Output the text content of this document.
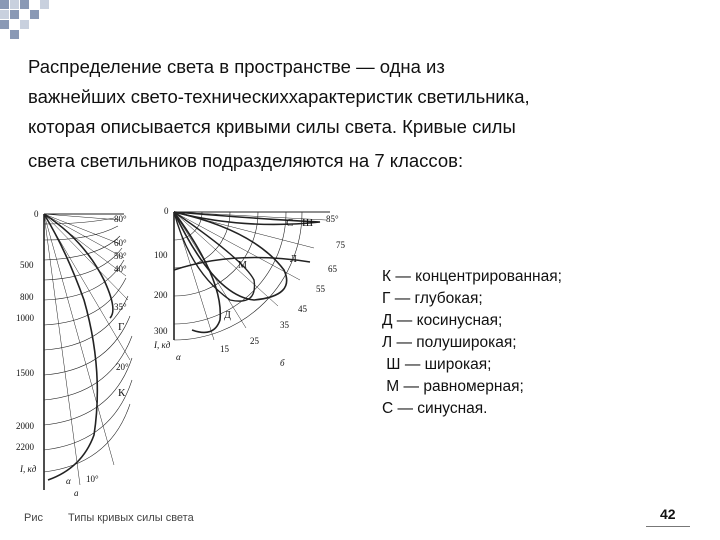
Распределение света в пространстве — одна из
важнейших свето-техническиххарактеристик светильника,
которая описывается кривыми силы света. Кривые силы
света светильников подразделяются на 7 классов:

0
500
800
1000
1500
2000
2200
80°
60°
50°
40°
35°
20°
10°
Г
К
I, кд
α
а
0
100
200
300
85°
75
65
55
45
35
25
15
С Ш
М
Л
Д
I, кд
α
б
К — концентрированная;
Г — глубокая;
Д — косинусная;
Л — полуширокая;
Ш — широкая;
М — равномерная;
С — синусная.
Рис Типы кривых силы света	42
